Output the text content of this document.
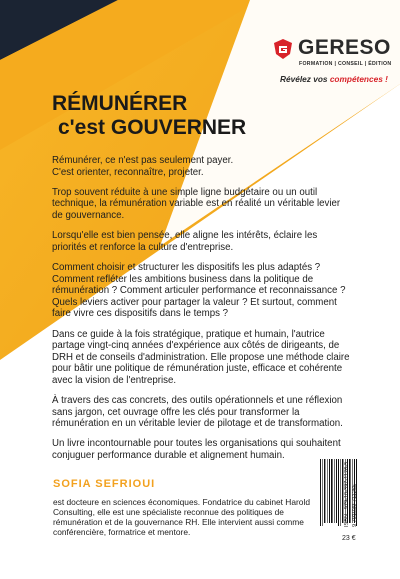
GERESO
FORMATION | CONSEIL | ÉDITION
Révélez vos compétences !
RÉMUNÉRER
c'est GOUVERNER

Rémunérer, ce n'est pas seulement payer.
C'est orienter, reconnaître, projeter.

Trop souvent réduite à une simple ligne budgétaire ou un outil technique, la rémunération variable est en réalité un véritable levier de gouvernance.

Lorsqu'elle est bien pensée, elle aligne les intérêts, éclaire les priorités et renforce la culture d'entreprise.

Comment choisir et structurer les dispositifs les plus adaptés ? Comment refléter les ambitions business dans la politique de rémunération ? Comment articuler performance et reconnaissance ? Quels leviers activer pour partager la valeur ? Et surtout, comment faire vivre ces dispositifs dans le temps ?

Dans ce guide à la fois stratégique, pratique et humain, l'autrice partage vingt-cinq années d'expérience aux côtés de dirigeants, de DRH et de conseils d'administration. Elle propose une méthode claire pour bâtir une politique de rémunération juste, efficace et cohérente avec la vision de l'entreprise.

À travers des cas concrets, des outils opérationnels et une réflexion sans jargon, cet ouvrage offre les clés pour transformer la rémunération en un véritable levier de pilotage et de transformation.

Un livre incontournable pour toutes les organisations qui souhaitent conjuguer performance durable et alignement humain.

SOFIA SEFRIOUI
est docteure en sciences économiques. Fondatrice du cabinet Harold Consulting, elle est une spécialiste reconnue des politiques de rémunération et de la gouvernance RH. Elle intervient aussi comme conférencière, formatrice et mentore.
ISBN : 979-10-397-1126-5 9 791039 711265
23 €
